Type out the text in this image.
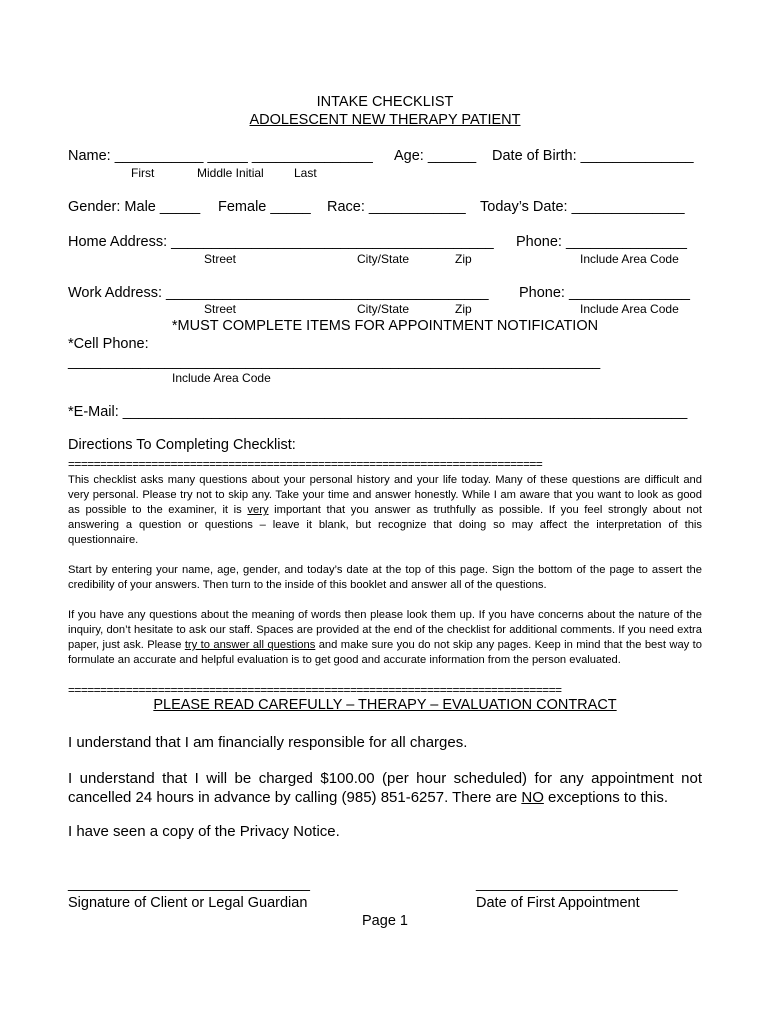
INTAKE CHECKLIST
ADOLESCENT NEW THERAPY PATIENT
Name: ___________ _____ _______________ Age: ______ Date of Birth: ______________
First	Middle Initial	Last
Gender: Male _____ Female _____ Race: ____________ Today’s Date: ______________
Home Address: ________________________________________ Phone: _______________
Street	City/State	Zip	Include Area Code
Work Address: ________________________________________ Phone: _______________
Street	City/State	Zip	Include Area Code
*MUST COMPLETE ITEMS FOR APPOINTMENT NOTIFICATION
*Cell Phone:
__________________________________________________________________
Include Area Code
*E-Mail: ______________________________________________________________________
Directions To Completing Checklist:
==========================================================================
This checklist asks many questions about your personal history and your life today. Many of these questions are difficult and very personal. Please try not to skip any. Take your time and answer honestly. While I am aware that you want to look as good as possible to the examiner, it is very important that you answer as truthfully as possible. If you feel strongly about not answering a question or questions – leave it blank, but recognize that doing so may affect the interpretation of this questionnaire.
Start by entering your name, age, gender, and today’s date at the top of this page. Sign the bottom of the page to assert the credibility of your answers. Then turn to the inside of this booklet and answer all of the questions.
If you have any questions about the meaning of words then please look them up. If you have concerns about the nature of the inquiry, don’t hesitate to ask our staff. Spaces are provided at the end of the checklist for additional comments. If you need extra paper, just ask. Please try to answer all questions and make sure you do not skip any pages. Keep in mind that the best way to formulate an accurate and helpful evaluation is to get good and accurate information from the person evaluated.
=============================================================================
PLEASE READ CAREFULLY – THERAPY – EVALUATION CONTRACT
I understand that I am financially responsible for all charges.
I understand that I will be charged $100.00 (per hour scheduled) for any appointment not cancelled 24 hours in advance by calling (985) 851-6257. There are NO exceptions to this.
I have seen a copy of the Privacy Notice.
______________________________
Signature of Client or Legal Guardian
_________________________
Date of First Appointment
Page 1
